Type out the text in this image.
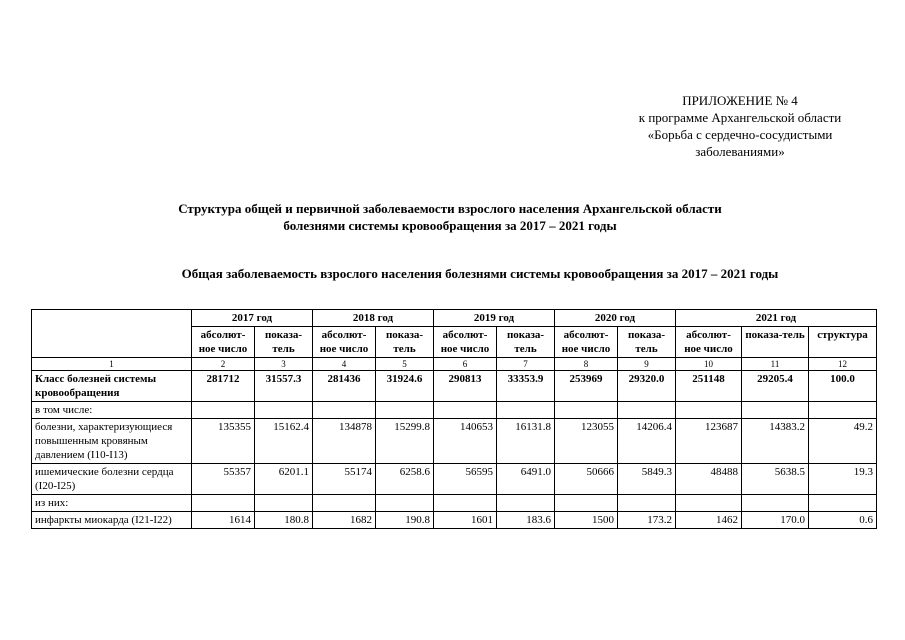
ПРИЛОЖЕНИЕ № 4
к программе Архангельской области
«Борьба с сердечно-сосудистыми
заболеваниями»
Структура общей и первичной заболеваемости взрослого населения Архангельской области
болезнями системы кровообращения за 2017 – 2021 годы
Общая заболеваемость взрослого населения болезнями системы кровообращения за 2017 – 2021 годы
	2017 год		2018 год		2019 год		2020 год		2021 год		
	абсолют-ное число	показа-тель	абсолют-ное число	показа-тель	абсолют-ное число	показа-тель	абсолют-ное число	показа-тель	абсолют-ное число	показа-тель	структура
1	2	3	4	5	6	7	8	9	10	11	12
Класс болезней системы кровообращения	281712	31557.3	281436	31924.6	290813	33353.9	253969	29320.0	251148	29205.4	100.0
в том числе:											
болезни, характеризующиеся повышенным кровяным давлением (I10-I13)	135355	15162.4	134878	15299.8	140653	16131.8	123055	14206.4	123687	14383.2	49.2
ишемические болезни сердца (I20-I25)	55357	6201.1	55174	6258.6	56595	6491.0	50666	5849.3	48488	5638.5	19.3
из них:											
инфаркты миокарда (I21-I22)	1614	180.8	1682	190.8	1601	183.6	1500	173.2	1462	170.0	0.6
